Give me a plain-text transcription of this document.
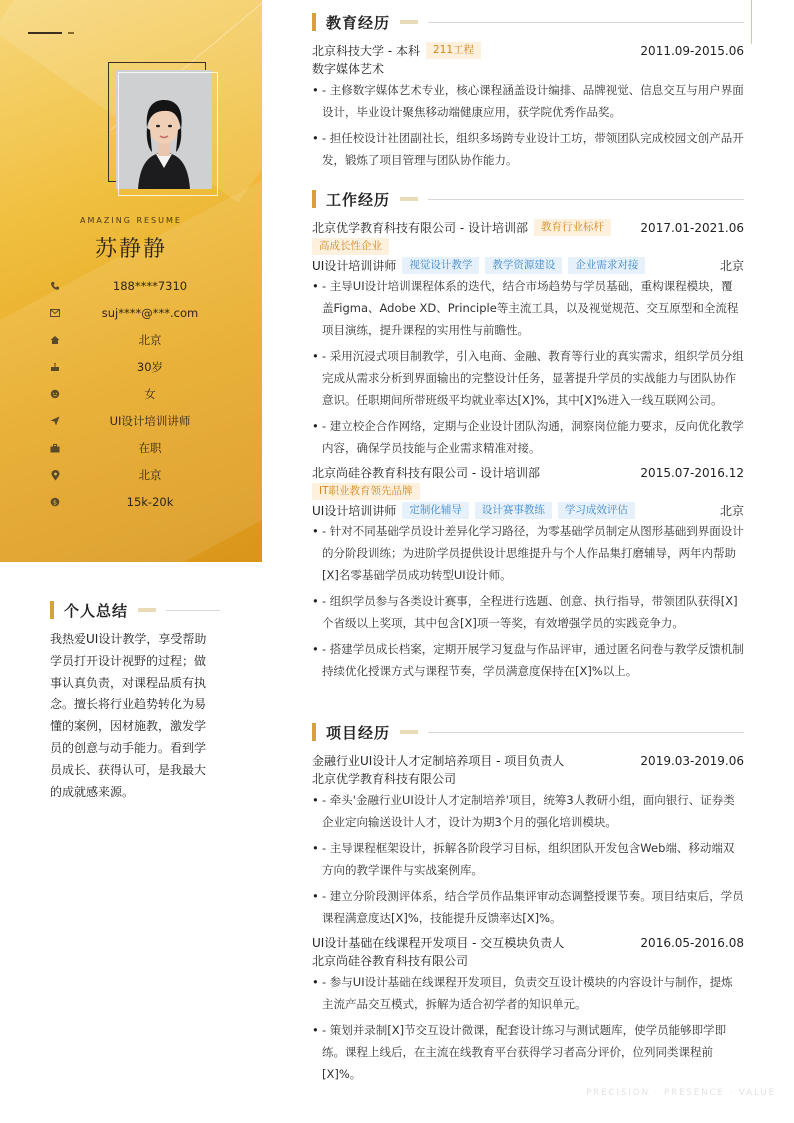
AMAZING RESUME
苏静静
188****7310
suj****@***.com
北京
30岁
女
UI设计培训讲师
在职
北京
$	15k-20k
个人总结
我热爱UI设计教学，享受帮助学员打开设计视野的过程；做事认真负责，对课程品质有执念。擅长将行业趋势转化为易懂的案例，因材施教，激发学员的创意与动手能力。看到学员成长、获得认可，是我最大的成就感来源。
教育经历
北京科技大学 - 本科	211工程	2011.09-2015.06
数字媒体艺术
• - 主修数字媒体艺术专业，核心课程涵盖设计编排、品牌视觉、信息交互与用户界面设计，毕业设计聚焦移动端健康应用，获学院优秀作品奖。
• - 担任校设计社团副社长，组织多场跨专业设计工坊，带领团队完成校园文创产品开发，锻炼了项目管理与团队协作能力。
工作经历
北京优学教育科技有限公司 - 设计培训部	教育行业标杆	2017.01-2021.06
高成长性企业
UI设计培训讲师	视觉设计教学	教学资源建设	企业需求对接	北京
• - 主导UI设计培训课程体系的迭代，结合市场趋势与学员基础，重构课程模块，覆盖Figma、Adobe XD、Principle等主流工具，以及视觉规范、交互原型和全流程项目演练，提升课程的实用性与前瞻性。
• - 采用沉浸式项目制教学，引入电商、金融、教育等行业的真实需求，组织学员分组完成从需求分析到界面输出的完整设计任务，显著提升学员的实战能力与团队协作意识。任职期间所带班级平均就业率达[X]%，其中[X]%进入一线互联网公司。
• - 建立校企合作网络，定期与企业设计团队沟通，洞察岗位能力要求，反向优化教学内容，确保学员技能与企业需求精准对接。
北京尚硅谷教育科技有限公司 - 设计培训部	2015.07-2016.12
IT职业教育领先品牌
UI设计培训讲师	定制化辅导	设计赛事教练	学习成效评估	北京
• - 针对不同基础学员设计差异化学习路径，为零基础学员制定从图形基础到界面设计的分阶段训练；为进阶学员提供设计思维提升与个人作品集打磨辅导，两年内帮助[X]名零基础学员成功转型UI设计师。
• - 组织学员参与各类设计赛事，全程进行选题、创意、执行指导，带领团队获得[X]个省级以上奖项，其中包含[X]项一等奖，有效增强学员的实践竞争力。
• - 搭建学员成长档案，定期开展学习复盘与作品评审，通过匿名问卷与教学反馈机制持续优化授课方式与课程节奏，学员满意度保持在[X]%以上。
项目经历
金融行业UI设计人才定制培养项目 - 项目负责人	2019.03-2019.06
北京优学教育科技有限公司
• - 牵头'金融行业UI设计人才定制培养'项目，统筹3人教研小组，面向银行、证券类企业定向输送设计人才，设计为期3个月的强化培训模块。
• - 主导课程框架设计，拆解各阶段学习目标，组织团队开发包含Web端、移动端双方向的教学课件与实战案例库。
• - 建立分阶段测评体系，结合学员作品集评审动态调整授课节奏。项目结束后，学员课程满意度达[X]%，技能提升反馈率达[X]%。
UI设计基础在线课程开发项目 - 交互模块负责人	2016.05-2016.08
北京尚硅谷教育科技有限公司
• - 参与UI设计基础在线课程开发项目，负责交互设计模块的内容设计与制作，提炼主流产品交互模式，拆解为适合初学者的知识单元。
• - 策划并录制[X]节交互设计微课，配套设计练习与测试题库，使学员能够即学即练。课程上线后，在主流在线教育平台获得学习者高分评价，位列同类课程前[X]%。
PRECISION · PRESENCE · VALUE
